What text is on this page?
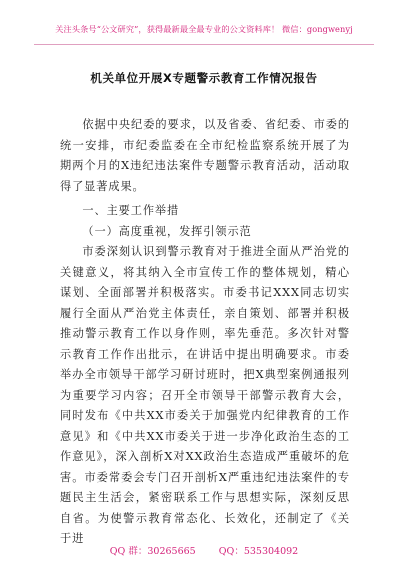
关注头条号“公文研究”，获得最新最全最专业的公文资料库！ 微信：gongwenyj
机关单位开展X专题警示教育工作情况报告

依据中央纪委的要求，以及省委、省纪委、市委的统一安排，市纪委监委在全市纪检监察系统开展了为期两个月的X违纪违法案件专题警示教育活动，活动取得了显著成果。

一、主要工作举措

（一）高度重视，发挥引领示范

市委深刻认识到警示教育对于推进全面从严治党的关键意义，将其纳入全市宣传工作的整体规划，精心谋划、全面部署并积极落实。市委书记XXX同志切实履行全面从严治党主体责任，亲自策划、部署并积极推动警示教育工作以身作则，率先垂范。多次针对警示教育工作作出批示，在讲话中提出明确要求。市委举办全市领导干部学习研讨班时，把X典型案例通报列为重要学习内容；召开全市领导干部警示教育大会，同时发布《中共XX市委关于加强党内纪律教育的工作意见》和《中共XX市委关于进一步净化政治生态的工作意见》，深入剖析X对XX政治生态造成严重破坏的危害。市委常委会专门召开剖析X严重违纪违法案件的专题民主生活会，紧密联系工作与思想实际，深刻反思自省。为使警示教育常态化、长效化，还制定了《关于进

QQ 群：30265665 QQ：535304092
